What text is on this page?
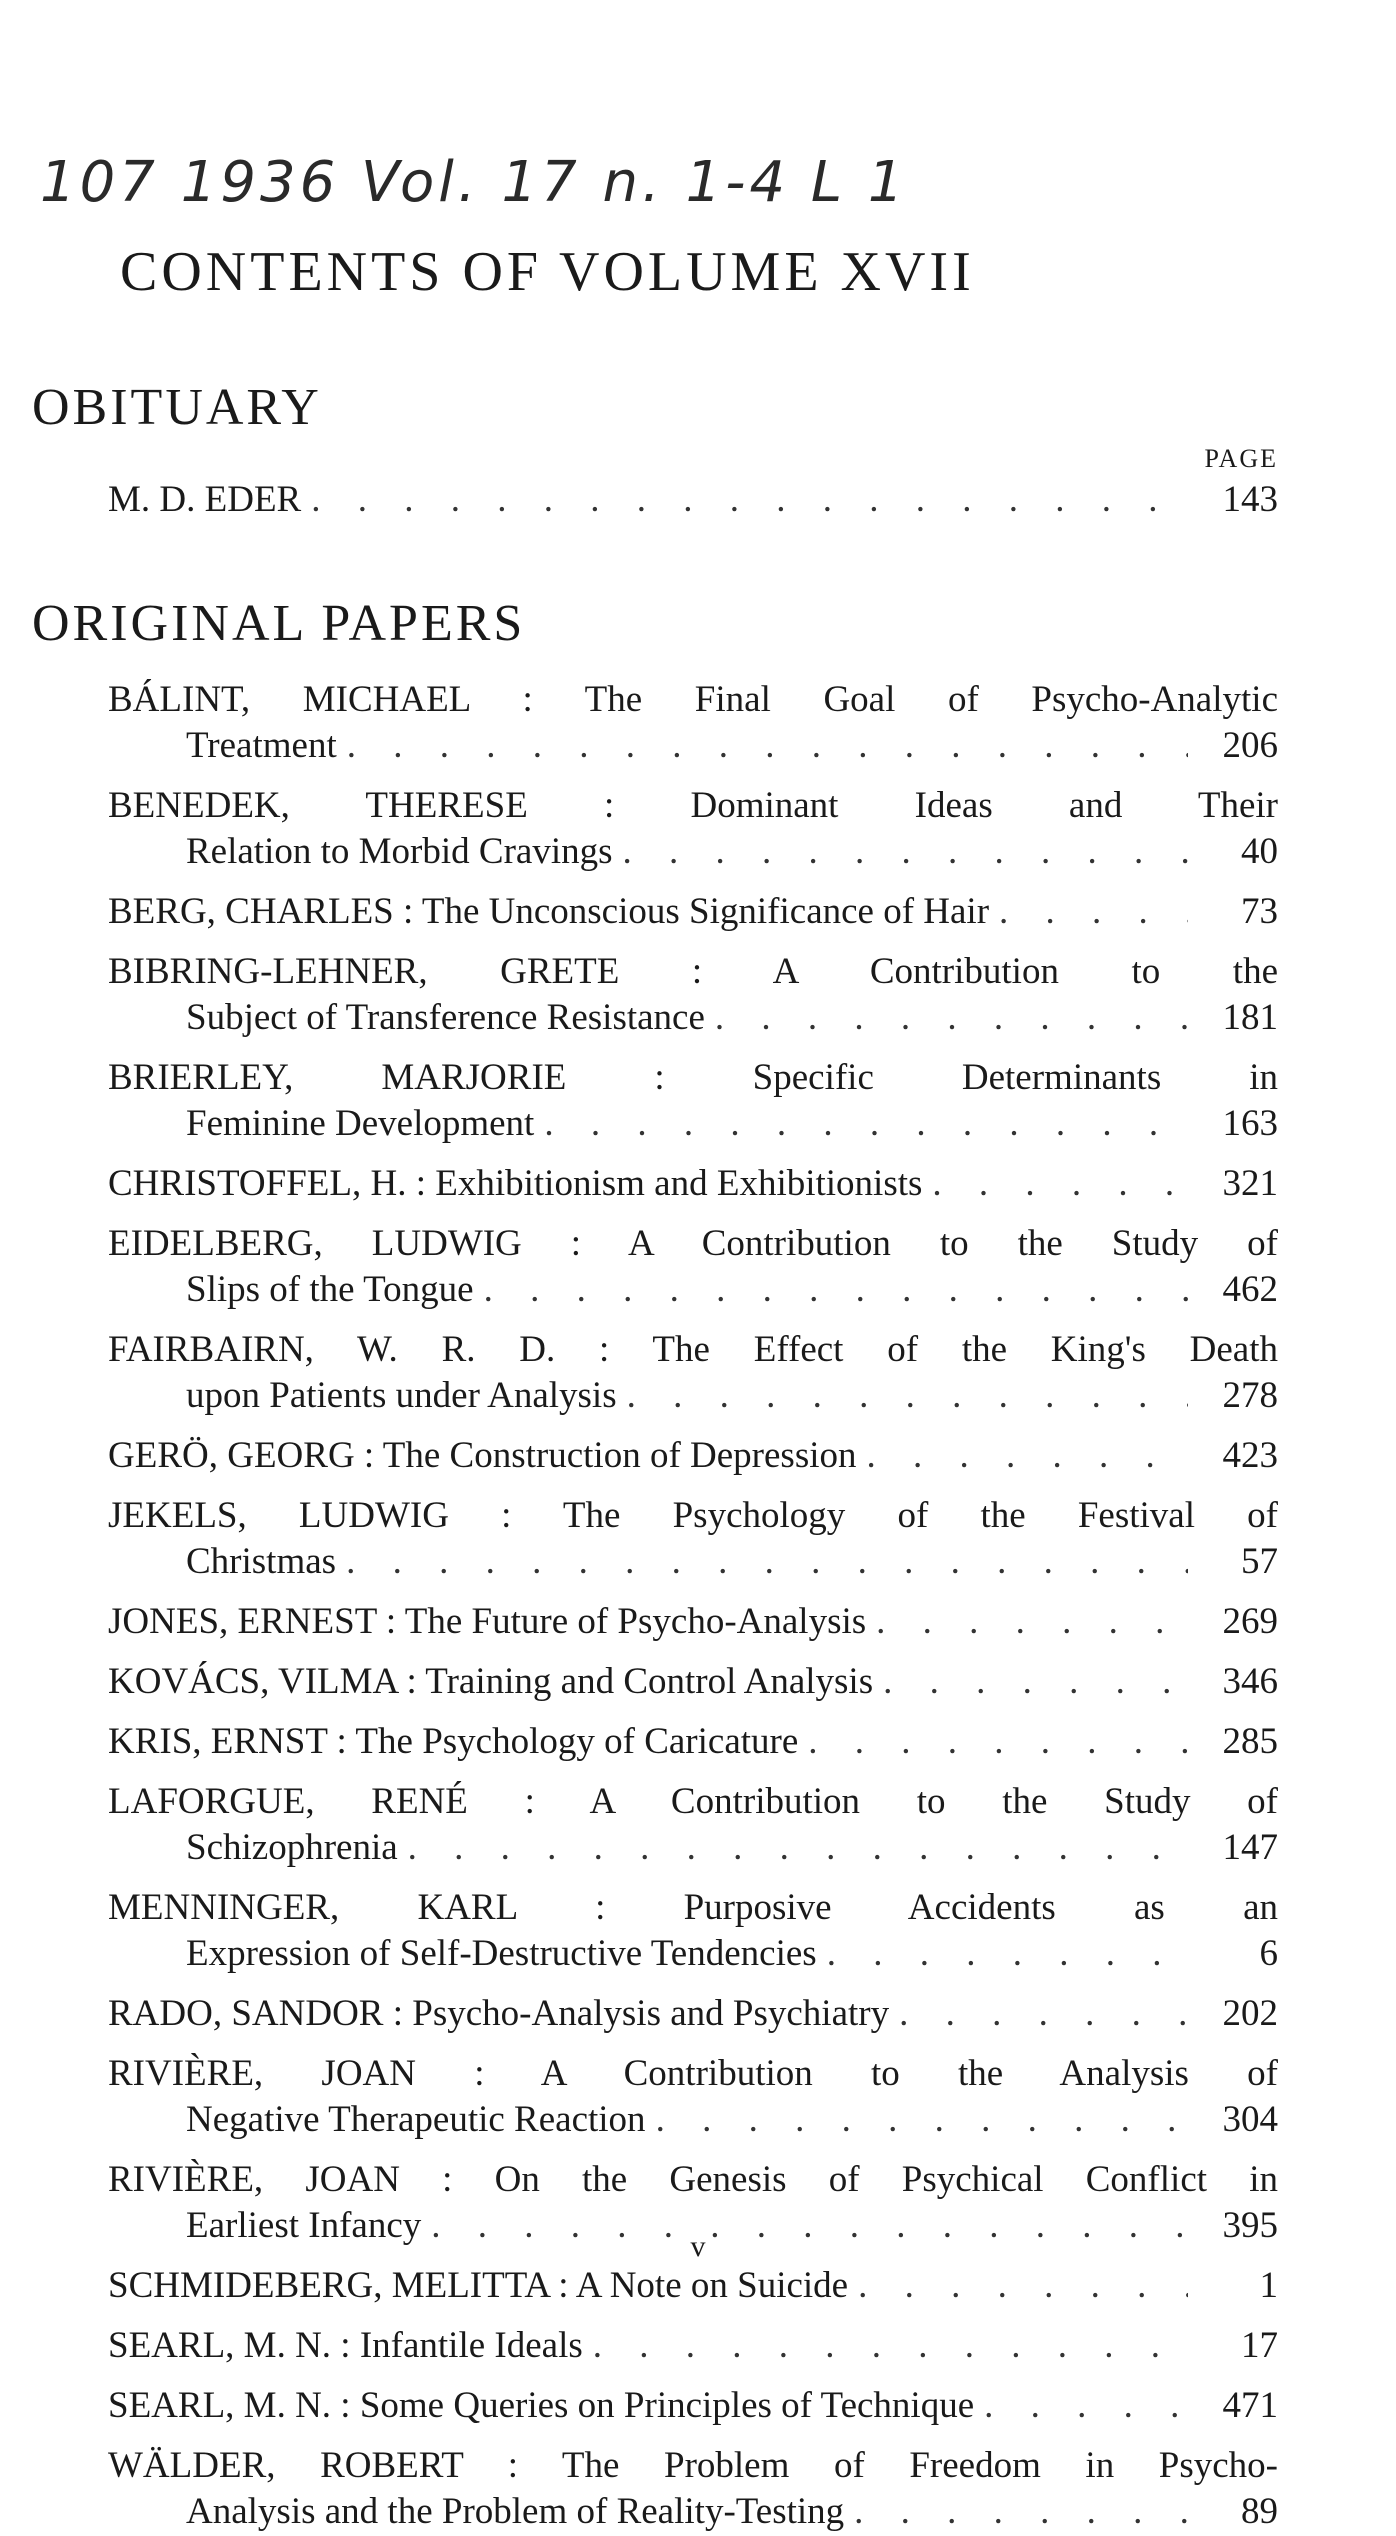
107 1936 Vol. 17 n. 1-4 L 1
CONTENTS OF VOLUME XVII
OBITUARY
PAGE
M. D. EDER . . .	143
ORIGINAL PAPERS
BÁLINT, MICHAEL : The Final Goal of Psycho-Analytic
Treatment . . .	206
BENEDEK, THERESE : Dominant Ideas and Their
Relation to Morbid Cravings . . .	40
BERG, CHARLES : The Unconscious Significance of Hair . . .	73
BIBRING-LEHNER, GRETE : A Contribution to the
Subject of Transference Resistance . . .	181
BRIERLEY, MARJORIE : Specific Determinants in
Feminine Development . . .	163
CHRISTOFFEL, H. : Exhibitionism and Exhibitionists . . .	321
EIDELBERG, LUDWIG : A Contribution to the Study of
Slips of the Tongue . . .	462
FAIRBAIRN, W. R. D. : The Effect of the King's Death
upon Patients under Analysis . . .	278
GERÖ, GEORG : The Construction of Depression . . .	423
JEKELS, LUDWIG : The Psychology of the Festival of
Christmas . . .	57
JONES, ERNEST : The Future of Psycho-Analysis . . .	269
KOVÁCS, VILMA : Training and Control Analysis . . .	346
KRIS, ERNST : The Psychology of Caricature . . .	285
LAFORGUE, RENÉ : A Contribution to the Study of
Schizophrenia . . .	147
MENNINGER, KARL : Purposive Accidents as an
Expression of Self-Destructive Tendencies . . .	6
RADO, SANDOR : Psycho-Analysis and Psychiatry . . .	202
RIVIÈRE, JOAN : A Contribution to the Analysis of
Negative Therapeutic Reaction . . .	304
RIVIÈRE, JOAN : On the Genesis of Psychical Conflict in
Earliest Infancy . . .	395
SCHMIDEBERG, MELITTA : A Note on Suicide . . .	1
SEARL, M. N. : Infantile Ideals . . .	17
SEARL, M. N. : Some Queries on Principles of Technique . . .	471
WÄLDER, ROBERT : The Problem of Freedom in Psycho-
Analysis and the Problem of Reality-Testing . . .	89
v
